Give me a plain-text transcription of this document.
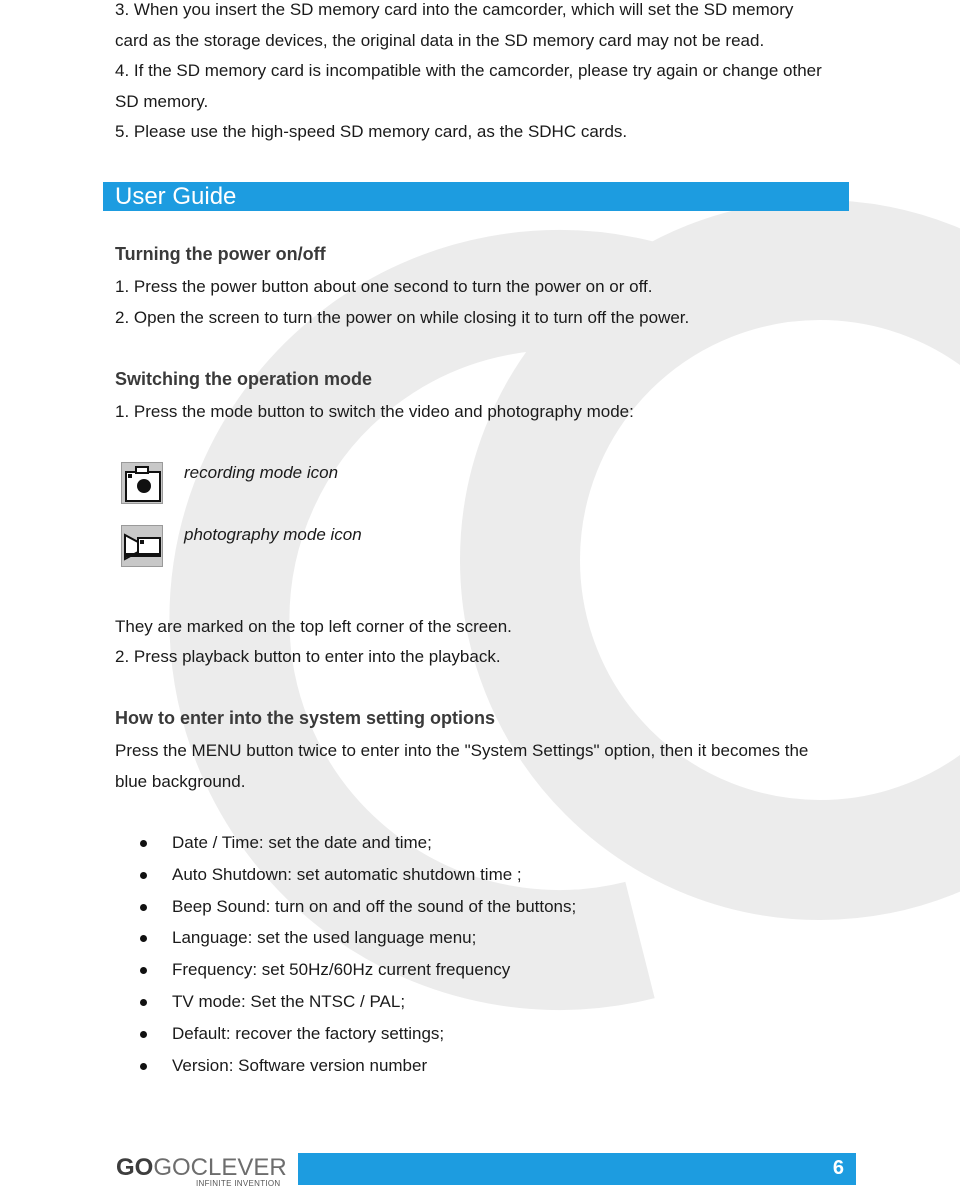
3. When you insert the SD memory card into the camcorder, which will set the SD memory
card as the storage devices, the original data in the SD memory card may not be read.
4. If the SD memory card is incompatible with the camcorder, please try again or change other
SD memory.
5. Please use the high-speed SD memory card, as the SDHC cards.
User Guide
Turning the power on/off
1. Press the power button about one second to turn the power on or off.
2. Open the screen to turn the power on while closing it to turn off the power.
Switching the operation mode
1. Press the mode button to switch the video and photography mode:
recording mode icon
photography mode icon
They are marked on the top left corner of the screen.
2. Press playback button to enter into the playback.
How to enter into the system setting options
Press the MENU button twice to enter into the "System Settings" option, then it becomes the
blue background.
Date / Time: set the date and time;
Auto Shutdown: set automatic shutdown time ;
Beep Sound: turn on and off the sound of the buttons;
Language: set the used language menu;
Frequency: set 50Hz/60Hz current frequency
TV mode: Set the NTSC / PAL;
Default: recover the factory settings;
Version: Software version number
GOGOCLEVER
INFINITE INVENTION
6
